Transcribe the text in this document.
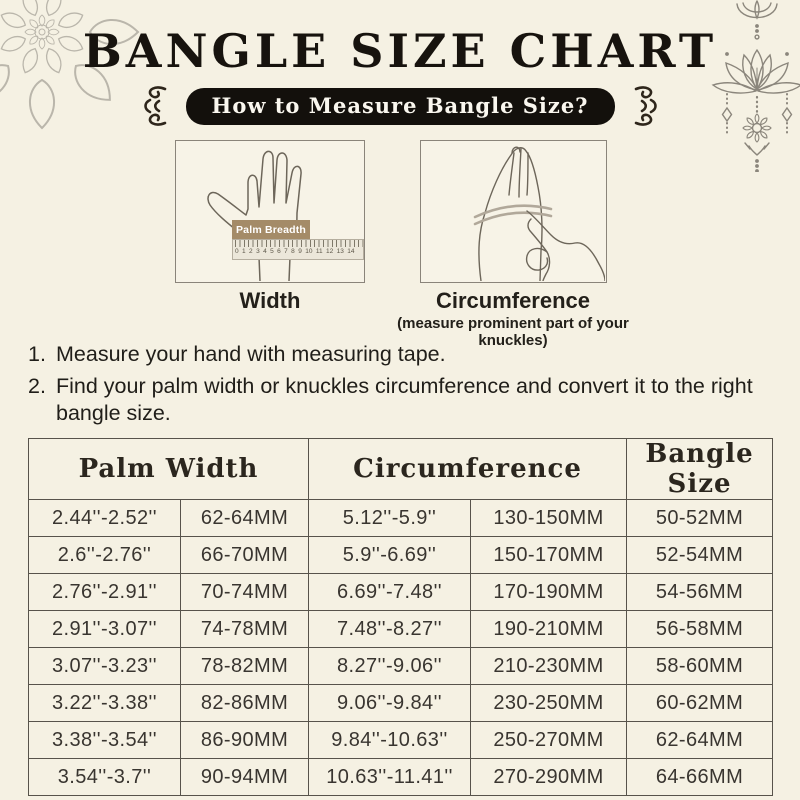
BANGLE SIZE CHART
How to Measure Bangle Size?
Palm Breadth
0 1 2 3 4 5 6 7 8 9 10 11 12 13 14
Width	Circumference
(measure prominent part of your knuckles)
1. Measure your hand with measuring tape.
2. Find your palm width or knuckles circumference and convert it to the right bangle size.
Palm Width		Circumference		Bangle Size
2.44''-2.52''	62-64MM	5.12''-5.9''	130-150MM	50-52MM
2.6''-2.76''	66-70MM	5.9''-6.69''	150-170MM	52-54MM
2.76''-2.91''	70-74MM	6.69''-7.48''	170-190MM	54-56MM
2.91''-3.07''	74-78MM	7.48''-8.27''	190-210MM	56-58MM
3.07''-3.23''	78-82MM	8.27''-9.06''	210-230MM	58-60MM
3.22''-3.38''	82-86MM	9.06''-9.84''	230-250MM	60-62MM
3.38''-3.54''	86-90MM	9.84''-10.63''	250-270MM	62-64MM
3.54''-3.7''	90-94MM	10.63''-11.41''	270-290MM	64-66MM
